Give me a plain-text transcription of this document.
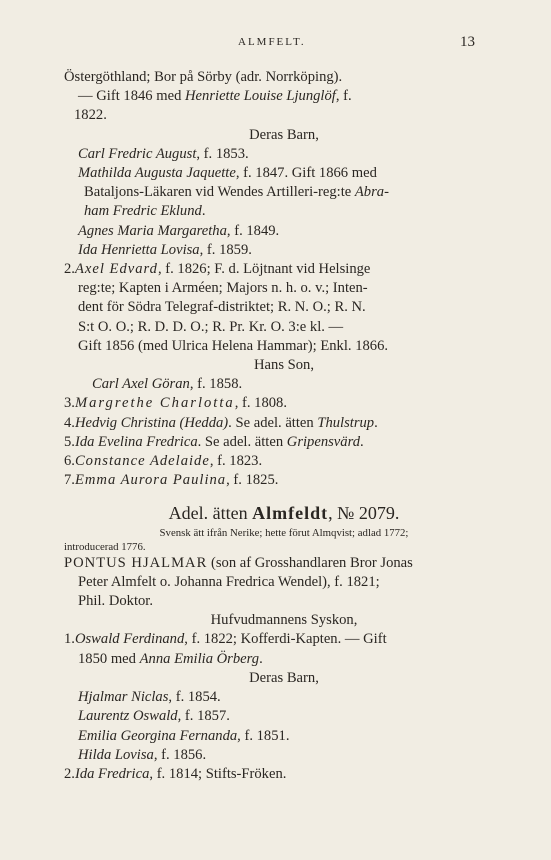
ALMFELT.	13
Östergöthland; Bor på Sörby (adr. Norrköping).
— Gift 1846 med Henriette Louise Ljunglöf, f.
1822.
Deras Barn,
Carl Fredric August, f. 1853.
Mathilda Augusta Jaquette, f. 1847. Gift 1866 med
Bataljons-Läkaren vid Wendes Artilleri-reg:te Abra-
ham Fredric Eklund.
Agnes Maria Margaretha, f. 1849.
Ida Henrietta Lovisa, f. 1859.
2.Axel Edvard, f. 1826; F. d. Löjtnant vid Helsinge
reg:te; Kapten i Arméen; Majors n. h. o. v.; Inten-
dent för Södra Telegraf-distriktet; R. N. O.; R. N.
S:t O. O.; R. D. D. O.; R. Pr. Kr. O. 3:e kl. —
Gift 1856 (med Ulrica Helena Hammar); Enkl. 1866.
Hans Son,
Carl Axel Göran, f. 1858.
3.Margrethe Charlotta, f. 1808.
4.Hedvig Christina (Hedda). Se adel. ätten Thulstrup.
5.Ida Evelina Fredrica. Se adel. ätten Gripensvärd.
6.Constance Adelaide, f. 1823.
7.Emma Aurora Paulina, f. 1825.
Adel. ätten Almfeldt, № 2079.
Svensk ätt ifrån Nerike; hette förut Almqvist; adlad 1772;
introducerad 1776.
PONTUS HJALMAR (son af Grosshandlaren Bror Jonas
Peter Almfelt o. Johanna Fredrica Wendel), f. 1821;
Phil. Doktor.
Hufvudmannens Syskon,
1.Oswald Ferdinand, f. 1822; Kofferdi-Kapten. — Gift
1850 med Anna Emilia Örberg.
Deras Barn,
Hjalmar Niclas, f. 1854.
Laurentz Oswald, f. 1857.
Emilia Georgina Fernanda, f. 1851.
Hilda Lovisa, f. 1856.
2.Ida Fredrica, f. 1814; Stifts-Fröken.
